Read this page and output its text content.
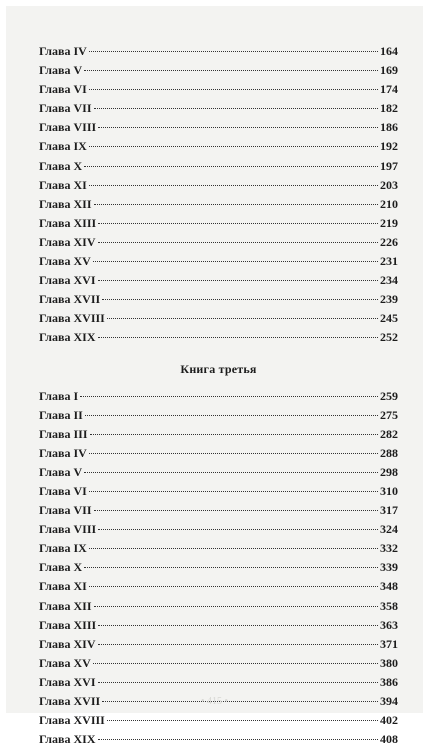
Глава IV	164
Глава V	169
Глава VI	174
Глава VII	182
Глава VIII	186
Глава IX	192
Глава X	197
Глава XI	203
Глава XII	210
Глава XIII	219
Глава XIV	226
Глава XV	231
Глава XVI	234
Глава XVII	239
Глава XVIII	245
Глава XIX	252
Книга третья
Глава I	259
Глава II	275
Глава III	282
Глава IV	288
Глава V	298
Глава VI	310
Глава VII	317
Глава VIII	324
Глава IX	332
Глава X	339
Глава XI	348
Глава XII	358
Глава XIII	363
Глава XIV	371
Глава XV	380
Глава XVI	386
Глава XVII	394
Глава XVIII	402
Глава XIX	408
• 415 •
